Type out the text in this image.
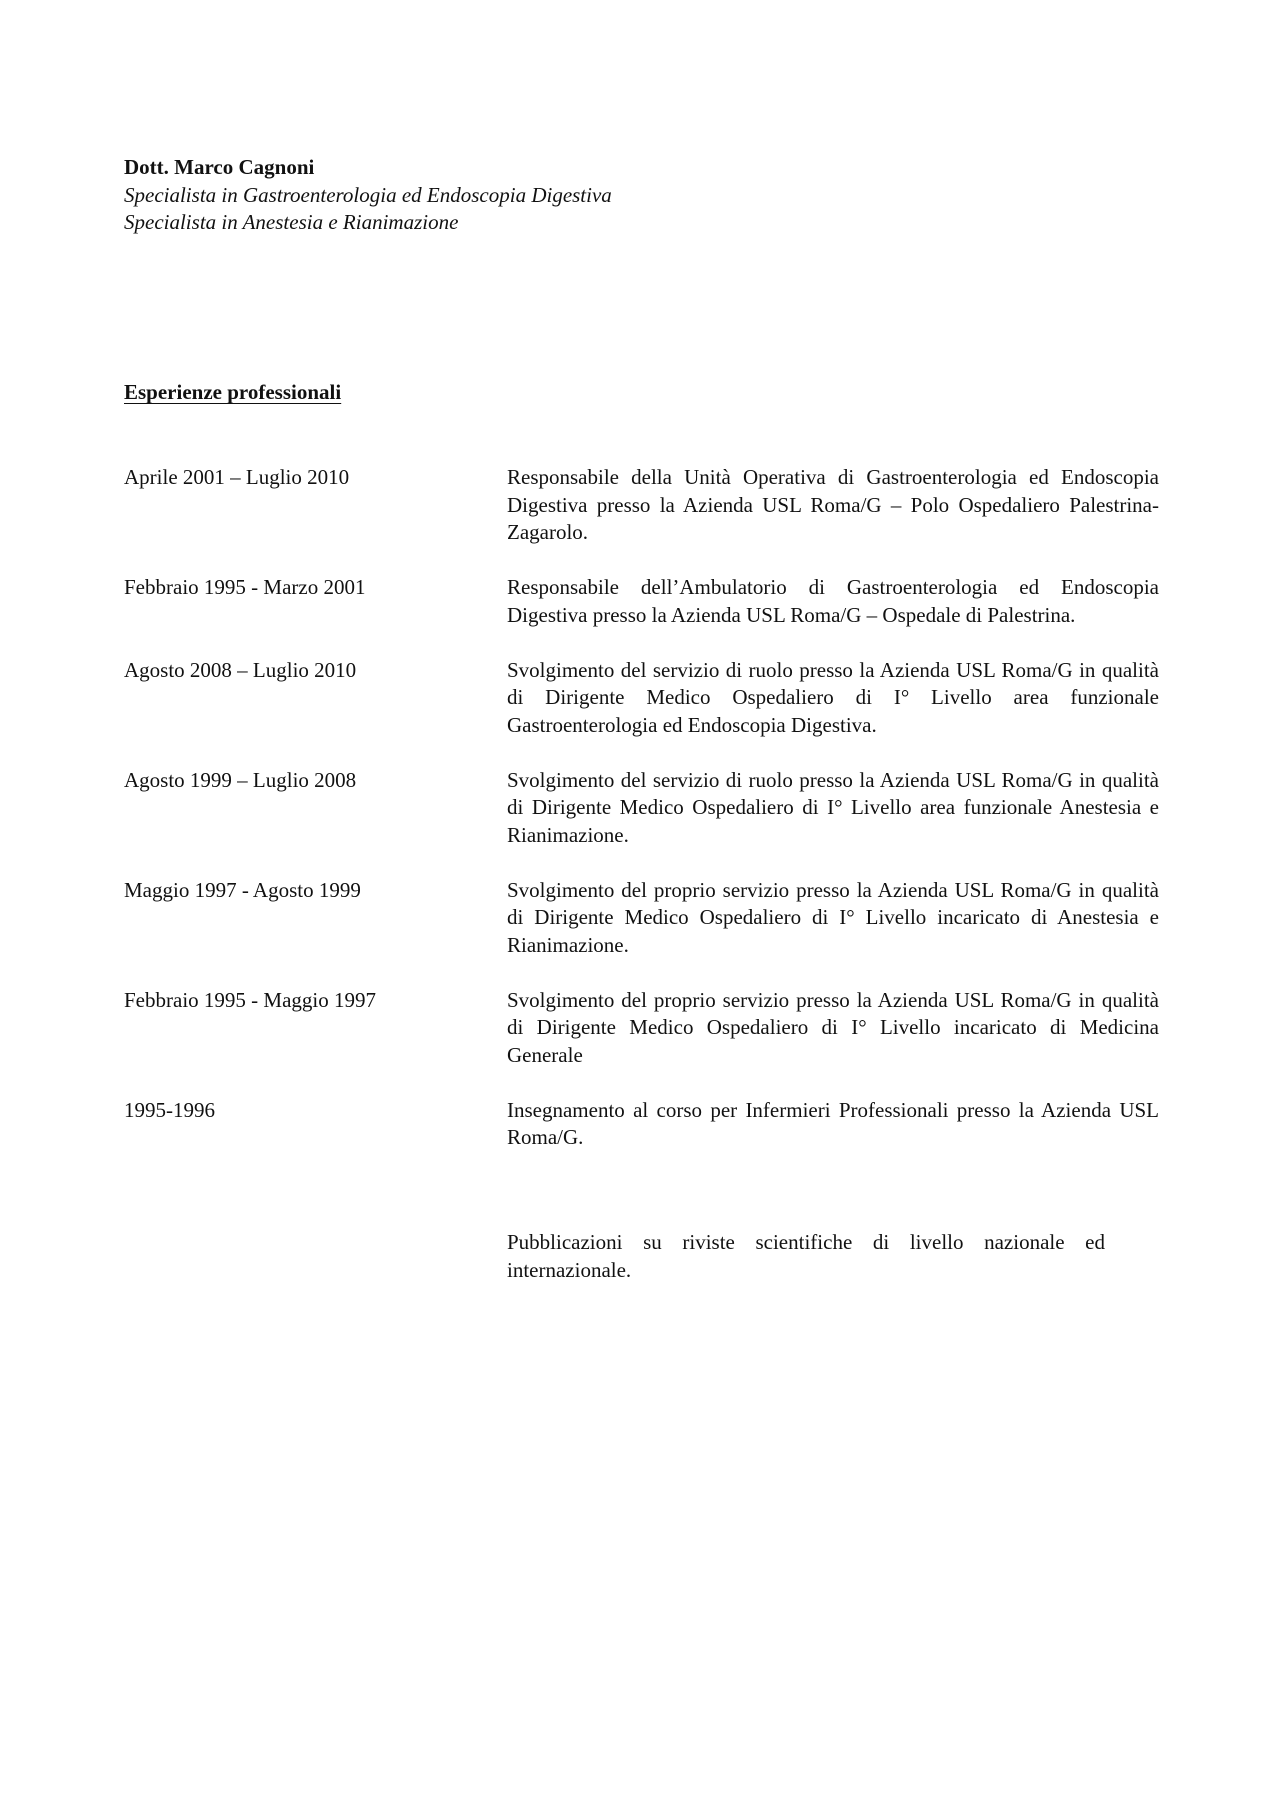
Dott. Marco Cagnoni

Specialista in Gastroenterologia ed Endoscopia Digestiva

Specialista in Anestesia e Rianimazione

Esperienze professionali

Aprile 2001 – Luglio 2010	Responsabile della Unità Operativa di Gastroenterologia ed Endoscopia Digestiva presso la Azienda USL Roma/G – Polo Ospedaliero Palestrina-Zagarolo.
Febbraio 1995 - Marzo 2001	Responsabile dell’Ambulatorio di Gastroenterologia ed Endoscopia Digestiva presso la Azienda USL Roma/G – Ospedale di Palestrina.
Agosto 2008 – Luglio 2010	Svolgimento del servizio di ruolo presso la Azienda USL Roma/G in qualità di Dirigente Medico Ospedaliero di I° Livello area funzionale Gastroenterologia ed Endoscopia Digestiva.
Agosto 1999 – Luglio 2008	Svolgimento del servizio di ruolo presso la Azienda USL Roma/G in qualità di Dirigente Medico Ospedaliero di I° Livello area funzionale Anestesia e Rianimazione.
Maggio 1997 - Agosto 1999	Svolgimento del proprio servizio presso la Azienda USL Roma/G in qualità di Dirigente Medico Ospedaliero di I° Livello incaricato di Anestesia e Rianimazione.
Febbraio 1995 - Maggio 1997	Svolgimento del proprio servizio presso la Azienda USL Roma/G in qualità di Dirigente Medico Ospedaliero di I° Livello incaricato di Medicina Generale
1995-1996	Insegnamento al corso per Infermieri Professionali presso la Azienda USL Roma/G.
Pubblicazioni su riviste scientifiche di livello nazionale ed internazionale.
